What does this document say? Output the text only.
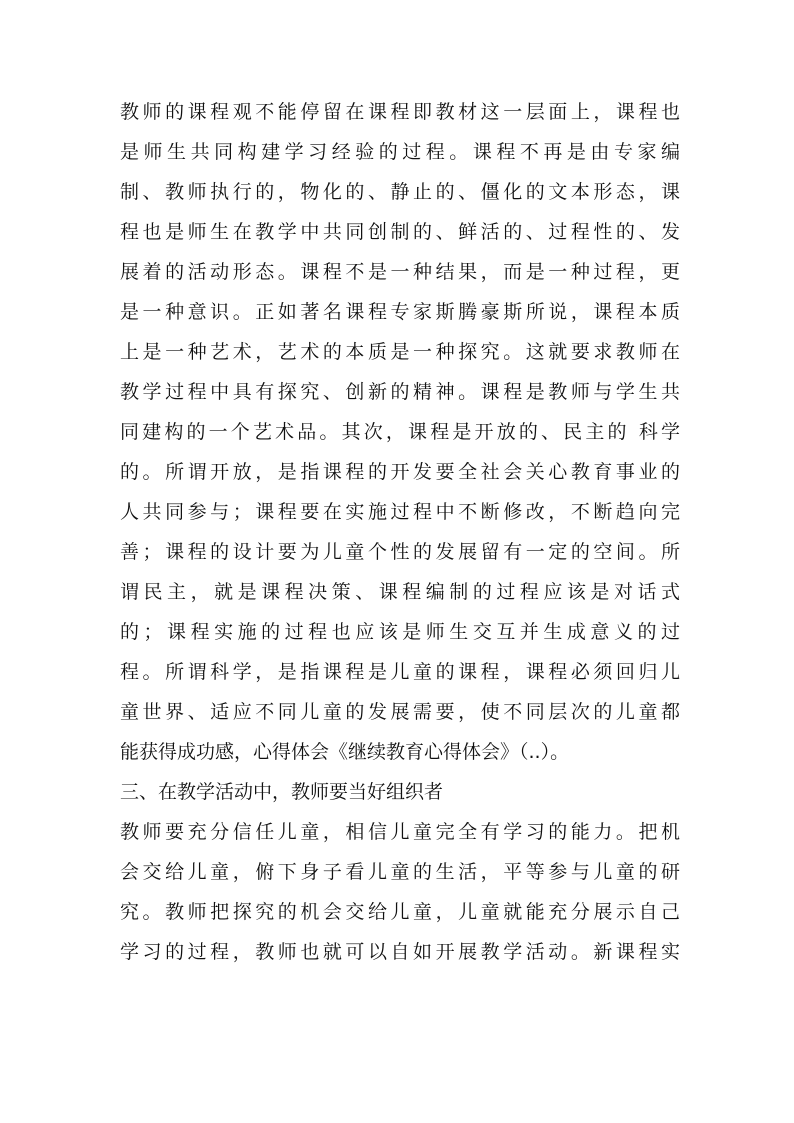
教师的课程观不能停留在课程即教材这一层面上，课程也
是师生共同构建学习经验的过程。课程不再是由专家编
制、教师执行的，物化的、静止的、僵化的文本形态，课
程也是师生在教学中共同创制的、鲜活的、过程性的、发
展着的活动形态。课程不是一种结果，而是一种过程，更
是一种意识。正如著名课程专家斯腾豪斯所说，课程本质
上是一种艺术，艺术的本质是一种探究。这就要求教师在
教学过程中具有探究、创新的精神。课程是教师与学生共
同建构的一个艺术品。其次，课程是开放的、民主的 科学
的。所谓开放，是指课程的开发要全社会关心教育事业的
人共同参与；课程要在实施过程中不断修改，不断趋向完
善；课程的设计要为儿童个性的发展留有一定的空间。所
谓民主，就是课程决策、课程编制的过程应该是对话式
的；课程实施的过程也应该是师生交互并生成意义的过
程。所谓科学，是指课程是儿童的课程，课程必须回归儿
童世界、适应不同儿童的发展需要，使不同层次的儿童都
能获得成功感，心得体会《继续教育心得体会》（..）。
三、在教学活动中，教师要当好组织者
教师要充分信任儿童，相信儿童完全有学习的能力。把机
会交给儿童，俯下身子看儿童的生活，平等参与儿童的研
究。教师把探究的机会交给儿童，儿童就能充分展示自己
学习的过程，教师也就可以自如开展教学活动。新课程实
